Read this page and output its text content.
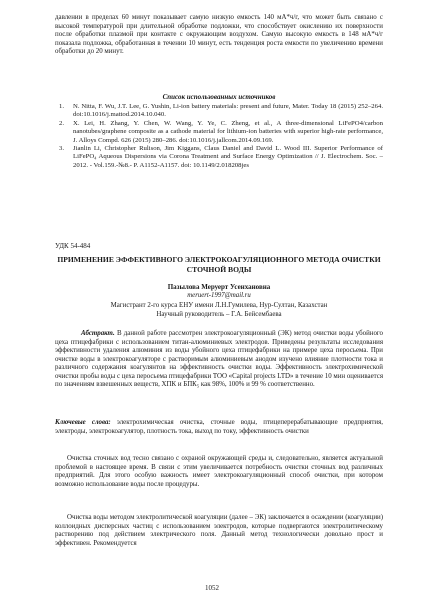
давлении в пределах 60 минут показывает самую низкую емкость 140 мА*ч/г, что может быть связано с высокой температурой при длительной обработке подложки, что способствует окислению их поверхности после обработки плазмой при контакте с окружающим воздухом. Самую высокую емкость в 148 мА*ч/г показала подложка, обработанная в течении 10 минут, есть тенденция роста емкости по увеличению времени обработки до 20 минут.

Список использованных источников
1. N. Nitta, F. Wu, J.T. Lee, G. Yushin, Li-ion battery materials: present and future, Mater. Today 18 (2015) 252–264. doi:10.1016/j.mattod.2014.10.040.
2. X. Lei, H. Zhang, Y. Chen, W. Wang, Y. Ye, C. Zheng, et al., A three-dimensional LiFePO4/carbon nanotubes/graphene composite as a cathode material for lithium-ion batteries with superior high-rate performance, J. Alloys Compd. 626 (2015) 280–286. doi:10.1016/j.jallcom.2014.09.169.
3. Jianlin Li, Christopher Rulison, Jim Kiggans, Claus Daniel and David L. Wood III. Superior Performance of LiFePO₄ Aqueous Dispersions via Corona Treatment and Surface Energy Optimization // J. Electrochem. Soc. – 2012. - Vol.159.-№8.- P. A1152-A1157. doi: 10.1149/2.018208jes
УДК 54-484
ПРИМЕНЕНИЕ ЭФФЕКТИВНОГО ЭЛЕКТРОКОАГУЛЯЦИОННОГО МЕТОДА ОЧИСТКИ СТОЧНОЙ ВОДЫ
Пазылова Меруерт Усенхановна
meruert-1997@mail.ru
Магистрант 2-го курса ЕНУ имени Л.Н.Гумилева, Нур-Султан, Казахстан
Научный руководитель – Г.А. Бейсембаева
Абстракт. В данной работе рассмотрен электрокоагуляционный (ЭК) метод очистки воды убойного цеха птицефабрики с использованием титан-алюминиевых электродов. Приведены результаты исследования эффективности удаления алюминия из воды убойного цеха птицефабрики на примере цеха перосьема. При очистке воды в электрокоагуляторе с растворимым алюминиевым анодом изучено влияние плотности тока и различного содержания коагулянтов на эффективность очистки воды. Эффективность электрохимической очистки пробы воды с цеха перосьема птицефабрики ТОО «Capital projects LTD» в течение 10 мин оценивается по значениям взвешенных веществ, ХПК и БПК₅ как 98%, 100% и 99 % соответственно.
Ключевые слова: электрохимическая очистка, сточные воды, птицеперерабатывающие предприятия, электроды, электрокоагулятор, плотность тока, выход по току, эффективность очистки

Очистка сточных вод тесно связано с охраной окружающей среды и, следовательно, является актуальной проблемой в настоящее время. В связи с этим увеличивается потребность очистки сточных вод различных предприятий. Для этого особую важность имеет электрокоагуляционный способ очистки, при котором возможно использование воды после процедуры.

Очистка воды методом электролитической коагуляции (далее – ЭК) заключается в осаждении (коагуляции) коллоидных дисперсных частиц с использованием электродов, которые подвергаются электролитическому растворению под действием электрического поля. Данный метод технологически довольно прост и эффективен. Рекомендуется

1052
